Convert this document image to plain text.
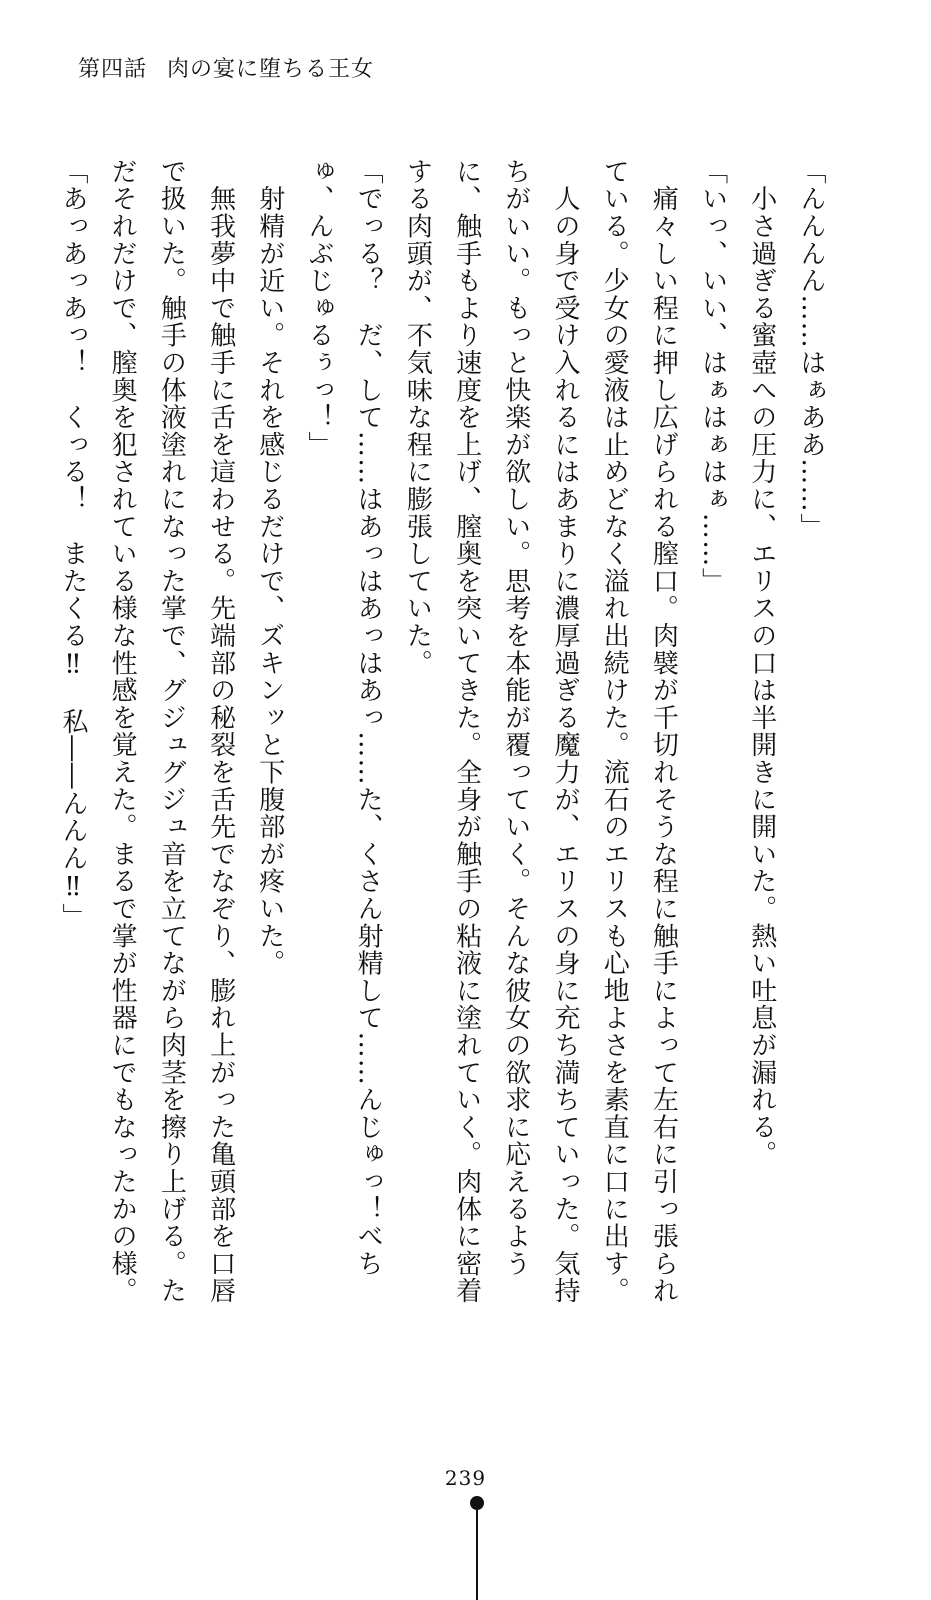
第四話 肉の宴に堕ちる王女

「んんんん……はぁああ……」

　小さ過ぎる蜜壺への圧力に、エリスの口は半開きに開いた。熱い吐息が漏れる。

「いっ、いい、はぁはぁはぁ……」

　痛々しい程に押し広げられる膣口。肉襞が千切れそうな程に触手によって左右に引っ張られている。少女の愛液は止めどなく溢れ出続けた。流石のエリスも心地よさを素直に口に出す。

　人の身で受け入れるにはあまりに濃厚過ぎる魔力が、エリスの身に充ち満ちていった。気持ちがいい。もっと快楽が欲しい。思考を本能が覆っていく。そんな彼女の欲求に応えるように、触手もより速度を上げ、膣奥を突いてきた。全身が触手の粘液に塗れていく。肉体に密着する肉頭が、不気味な程に膨張していた。

「でっる？　だ、して……はあっはあっはあっ……た、くさん射精して……んじゅっ！べちゅ、んぶじゅるぅっ！」

　射精が近い。それを感じるだけで、ズキンッと下腹部が疼いた。

　無我夢中で触手に舌を這わせる。先端部の秘裂を舌先でなぞり、膨れ上がった亀頭部を口唇で扱いた。触手の体液塗れになった掌で、グジュグジュ音を立てながら肉茎を擦り上げる。ただそれだけで、膣奥を犯されている様な性感を覚えた。まるで掌が性器にでもなったかの様。

「あっあっあっ！　くっる！　またくる‼　私――んんん‼」

239
